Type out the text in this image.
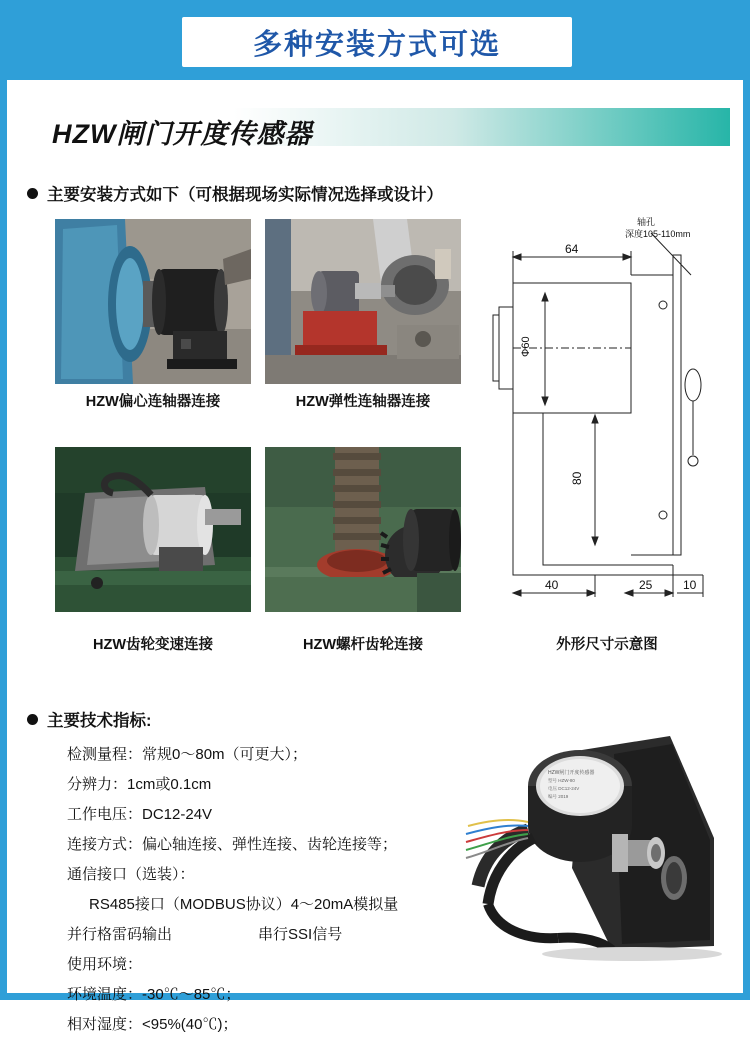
多种安装方式可选
HZW闸门开度传感器
主要安装方式如下（可根据现场实际情况选择或设计）
HZW偏心连轴器连接	HZW弹性连轴器连接
HZW齿轮变速连接	HZW螺杆齿轮连接
64
Ф60
80
40	25	10
轴孔
深度105-110mm
外形尺寸示意图
主要技术指标:
检测量程：常规0～80m（可更大）；
分辨力：1cm或0.1cm
工作电压：DC12-24V
连接方式：偏心轴连接、弹性连接、齿轮连接等；
通信接口（选装）：
RS485接口（MODBUS协议）4～20mA模拟量
并行格雷码输出	串行SSI信号
使用环境：
环境温度：-30℃～85℃；
相对湿度：<95%(40℃)；
HZW闸门开度传感器
型号 HZW-80
电压 DC12-24V
编号 2019
